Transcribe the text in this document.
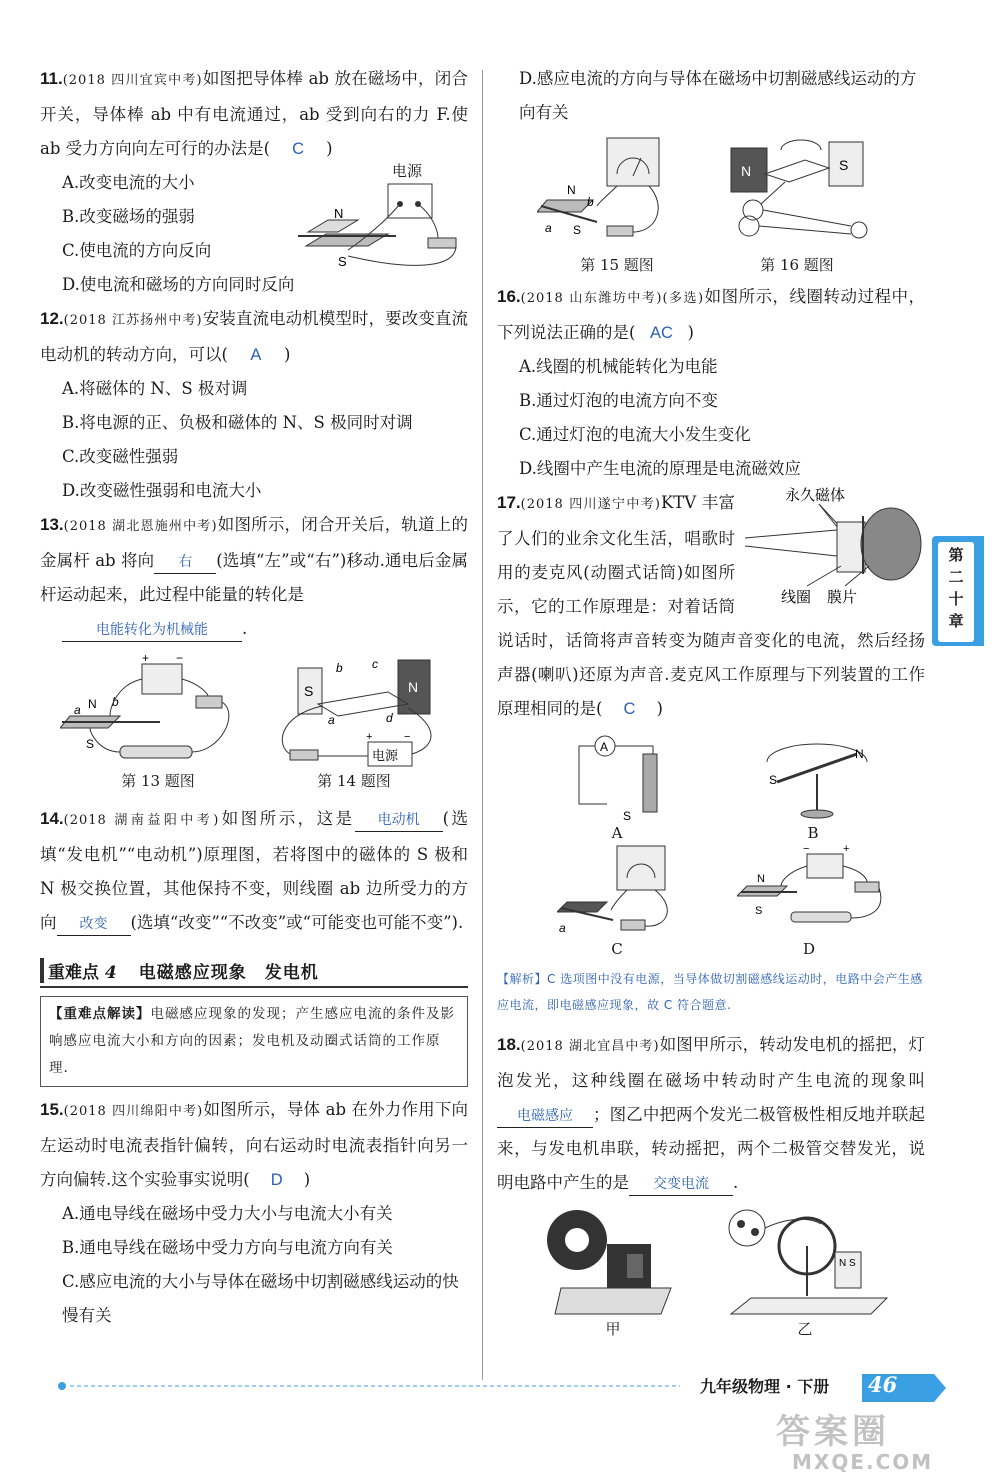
11.(2018 四川宜宾中考)如图把导体棒 ab 放在磁场中，闭合开关，导体棒 ab 中有电流通过，ab 受到向右的力 F.使 ab 受力方向向左可行的办法是( C )
A.改变电流的大小
B.改变磁场的强弱
C.使电流的方向反向
D.使电流和磁场的方向同时反向
电源
N
S
12.(2018 江苏扬州中考)安装直流电动机模型时，要改变直流电动机的转动方向，可以( A )
A.将磁体的 N、S 极对调
B.将电源的正、负极和磁体的 N、S 极同时对调
C.改变磁性强弱
D.改变磁性强弱和电流大小
13.(2018 湖北恩施州中考)如图所示，闭合开关后，轨道上的金属杆 ab 将向 右 (选填“左”或“右”)移动.通电后金属杆运动起来，此过程中能量的转化是
电能转化为机械能 .
+ −
N b
S
a
第 13 题图
S	N
b c
a	d
电源
+	−
第 14 题图
14.(2018 湖南益阳中考)如图所示，这是 电动机 (选填“发电机”“电动机”)原理图，若将图中的磁体的 S 极和 N 极交换位置，其他保持不变，则线圈 ab 边所受力的方向 改变 (选填“改变”“不改变”或“可能变也可能不变”).
重难点 4 电磁感应现象　发电机
【重难点解读】电磁感应现象的发现；产生感应电流的条件及影响感应电流大小和方向的因素；发电机及动圈式话筒的工作原理.
15.(2018 四川绵阳中考)如图所示，导体 ab 在外力作用下向左运动时电流表指针偏转，向右运动时电流表指针向另一方向偏转.这个实验事实说明( D )
A.通电导线在磁场中受力大小与电流大小有关
B.通电导线在磁场中受力方向与电流方向有关
C.感应电流的大小与导体在磁场中切割磁感线运动的快慢有关
D.感应电流的方向与导体在磁场中切割磁感线运动的方向有关
N
b
a S
第 15 题图
N	S
第 16 题图
16.(2018 山东潍坊中考)(多选)如图所示，线圈转动过程中，下列说法正确的是( AC )
A.线圈的机械能转化为电能
B.通过灯泡的电流方向不变
C.通过灯泡的电流大小发生变化
D.线圈中产生电流的原理是电流磁效应
永久磁体
线圈 膜片
17.(2018 四川遂宁中考)KTV 丰富了人们的业余文化生活，唱歌时用的麦克风(动圈式话筒)如图所示，它的工作原理是：对着话筒说话时，话筒将声音转变为随声音变化的电流，然后经扬声器(喇叭)还原为声音.麦克风工作原理与下列装置的工作原理相同的是( C )
A
S
A
S
N
B
a
C
−	+
N
S
D
【解析】C 选项图中没有电源，当导体做切割磁感线运动时，电路中会产生感应电流，即电磁感应现象，故 C 符合题意.
18.(2018 湖北宜昌中考)如图甲所示，转动发电机的摇把，灯泡发光，这种线圈在磁场中转动时产生电流的现象叫电磁感应 ；图乙中把两个发光二极管极性相反地并联起来，与发电机串联，转动摇把，两个二极管交替发光，说明电路中产生的是 交变电流 .
甲
N S
乙
第
二
十
章
九年级物理 · 下册 46
答案圈
MXQE.COM
